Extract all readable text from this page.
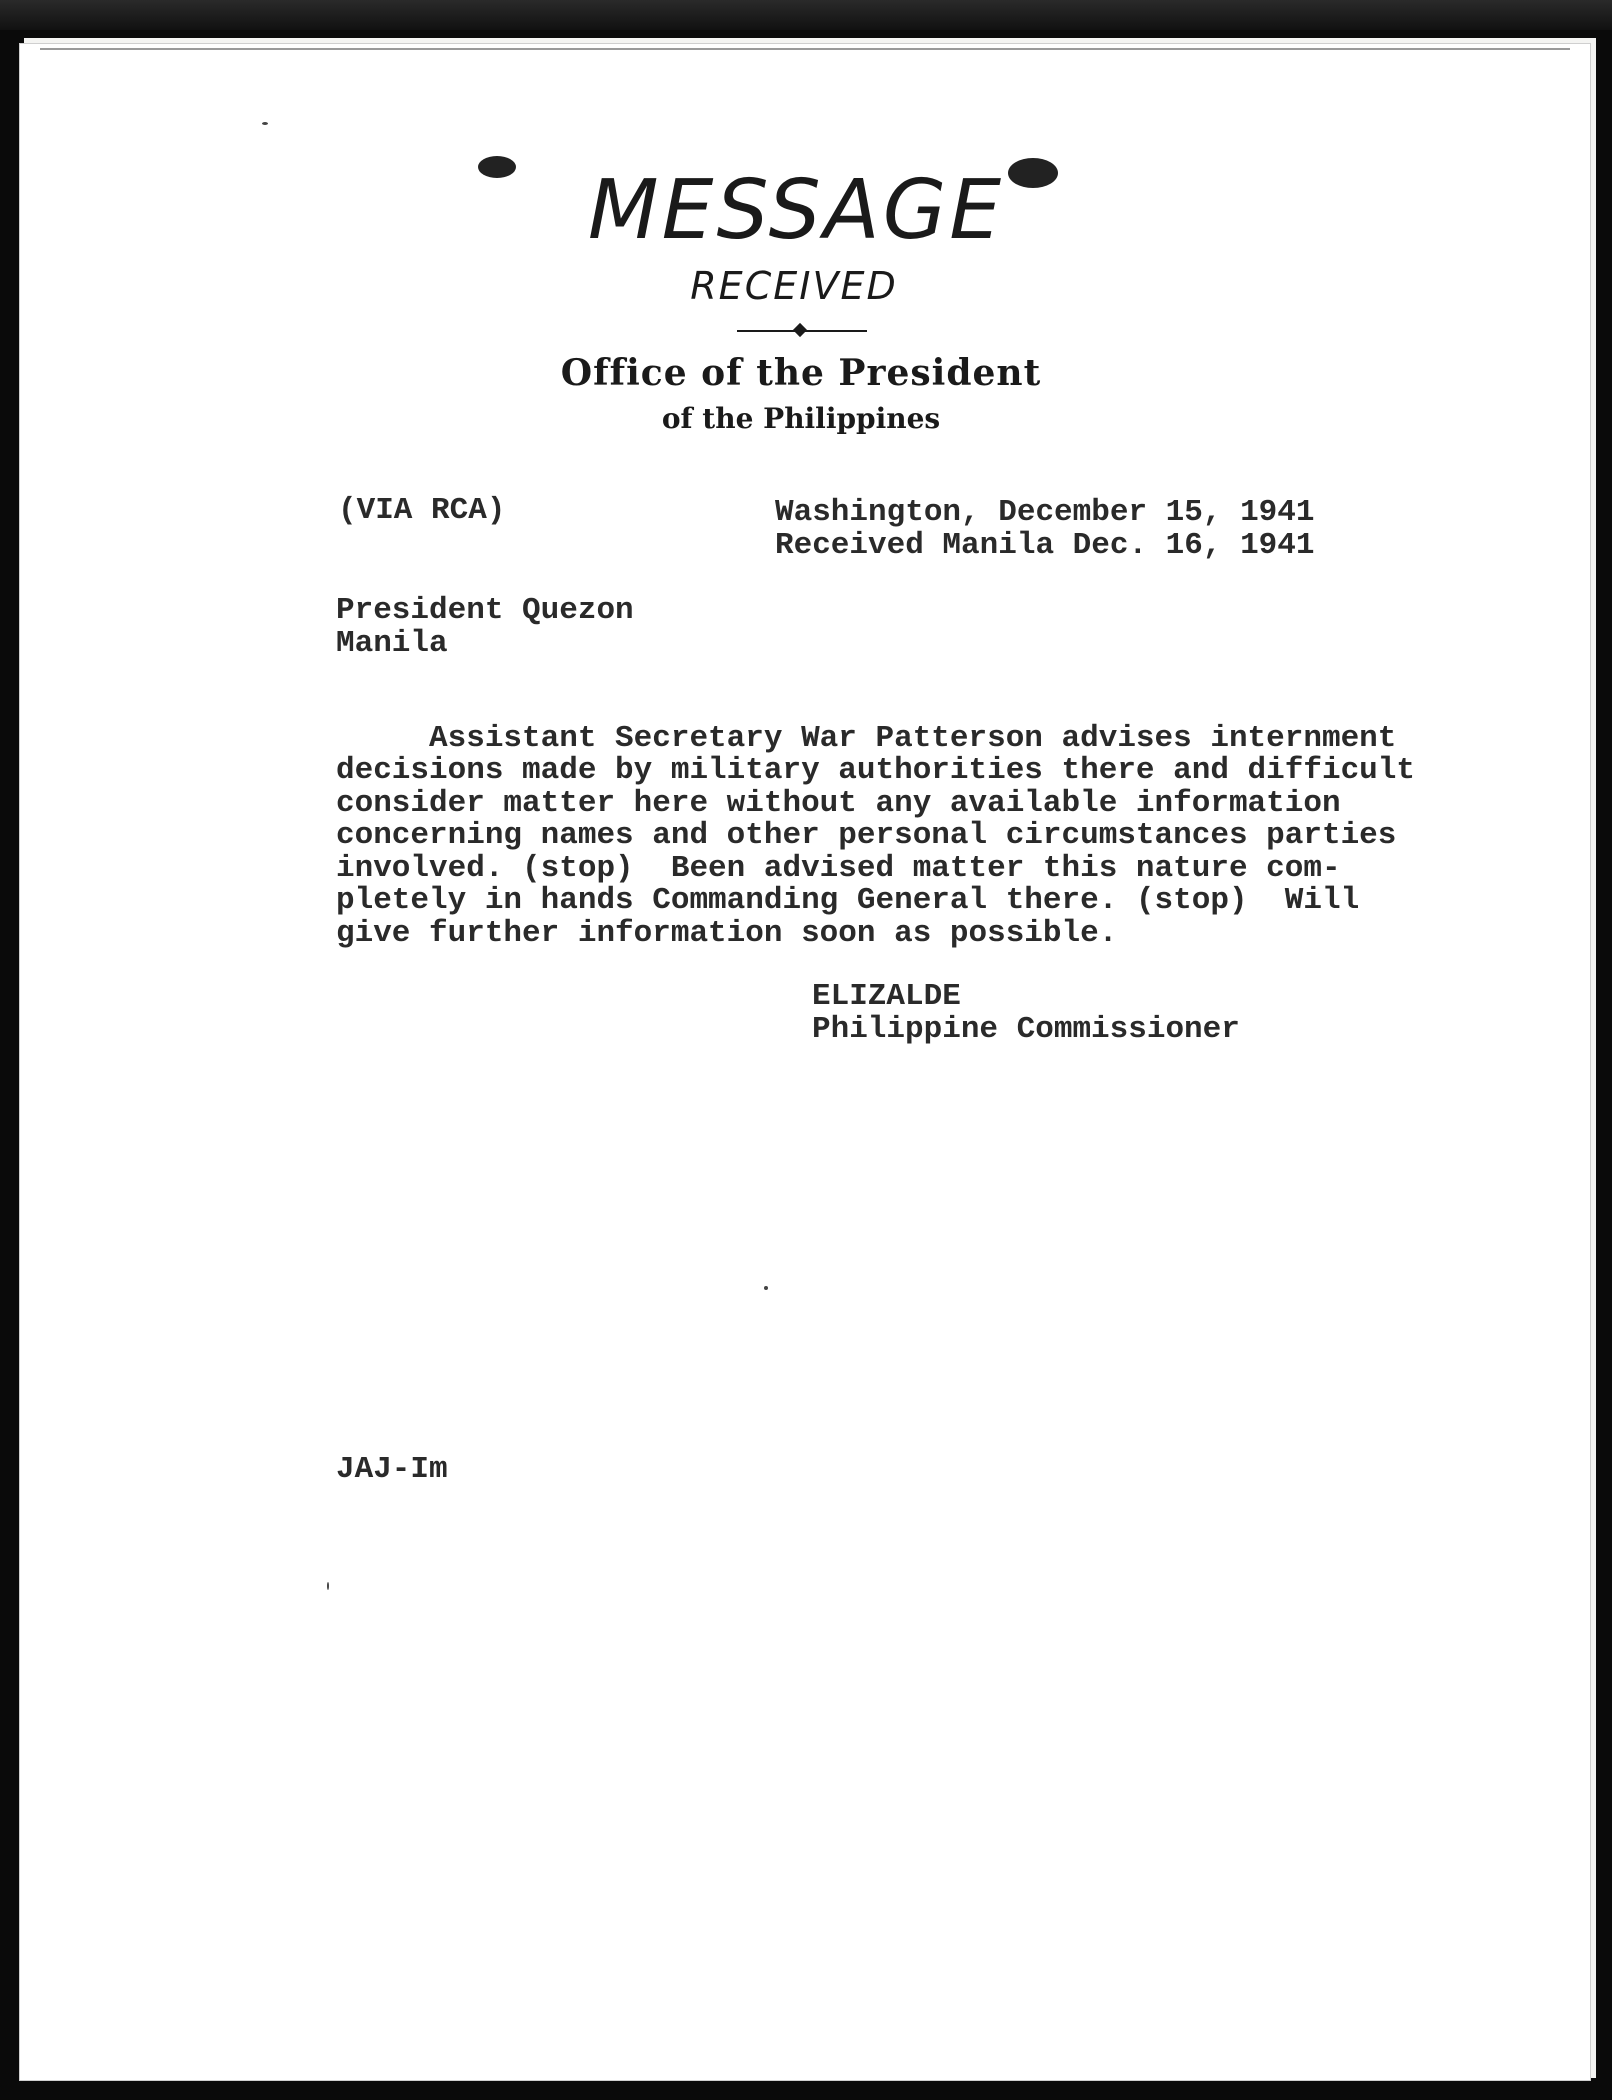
MESSAGE
RECEIVED
Office of the President
of the Philippines
(VIA RCA)	Washington, December 15, 1941
Received Manila Dec. 16, 1941
President Quezon
Manila

Assistant Secretary War Patterson advises internment
decisions made by military authorities there and difficult
consider matter here without any available information
concerning names and other personal circumstances parties
involved. (stop)  Been advised matter this nature com-
pletely in hands Commanding General there. (stop)  Will
give further information soon as possible.

ELIZALDE
Philippine Commissioner
JAJ-Im
